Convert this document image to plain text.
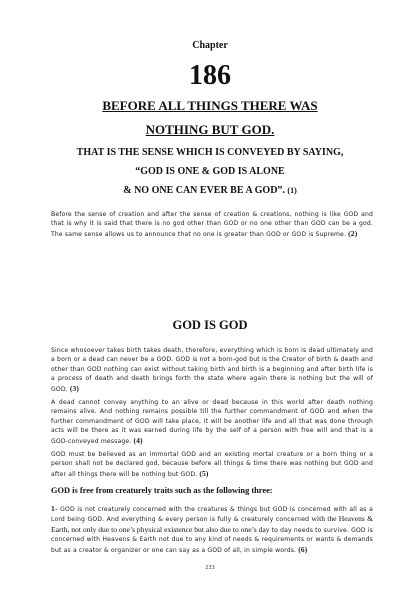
Chapter
186
BEFORE ALL THINGS THERE WAS
NOTHING BUT GOD.
THAT IS THE SENSE WHICH IS CONVEYED BY SAYING,
“GOD IS ONE & GOD IS ALONE
& NO ONE CAN EVER BE A GOD”. (1)
Before the sense of creation and after the sense of creation & creations, nothing is like GOD and that is why it is said that there is no god other than GOD or no one other than GOD can be a god. The same sense allows us to announce that no one is greater than GOD or GOD is Supreme. (2)
GOD IS GOD
Since whosoever takes birth takes death, therefore, everything which is born is dead ultimately and a born or a dead can never be a GOD. GOD is not a born-god but is the Creator of birth & death and other than GOD nothing can exist without taking birth and birth is a beginning and after birth life is a process of death and death brings forth the state where again there is nothing but the will of GOD. (3)
A dead cannot convey anything to an alive or dead because in this world after death nothing remains alive. And nothing remains possible till the further commandment of GOD and when the further commandment of GOD will take place, it will be another life and all that was done through acts will be there as it was earned during life by the self of a person with free will and that is a GOD-conveyed message. (4)
GOD must be believed as an immortal GOD and an existing mortal creature or a born thing or a person shall not be declared god, because before all things & time there was nothing but GOD and after all things there will be nothing but GOD. (5)
GOD is free from creaturely traits such as the following three:
1- GOD is not creaturely concerned with the creatures & things but GOD is concerned with all as a Lord being GOD. And everything & every person is fully & creaturely concerned with the Heavens & Earth, not only due to one’s physical existence but also due to one’s day to day needs to survive. GOD is concerned with Heavens & Earth not due to any kind of needs & requirements or wants & demands but as a creator & organizer or one can say as a GOD of all, in simple words. (6)
233
